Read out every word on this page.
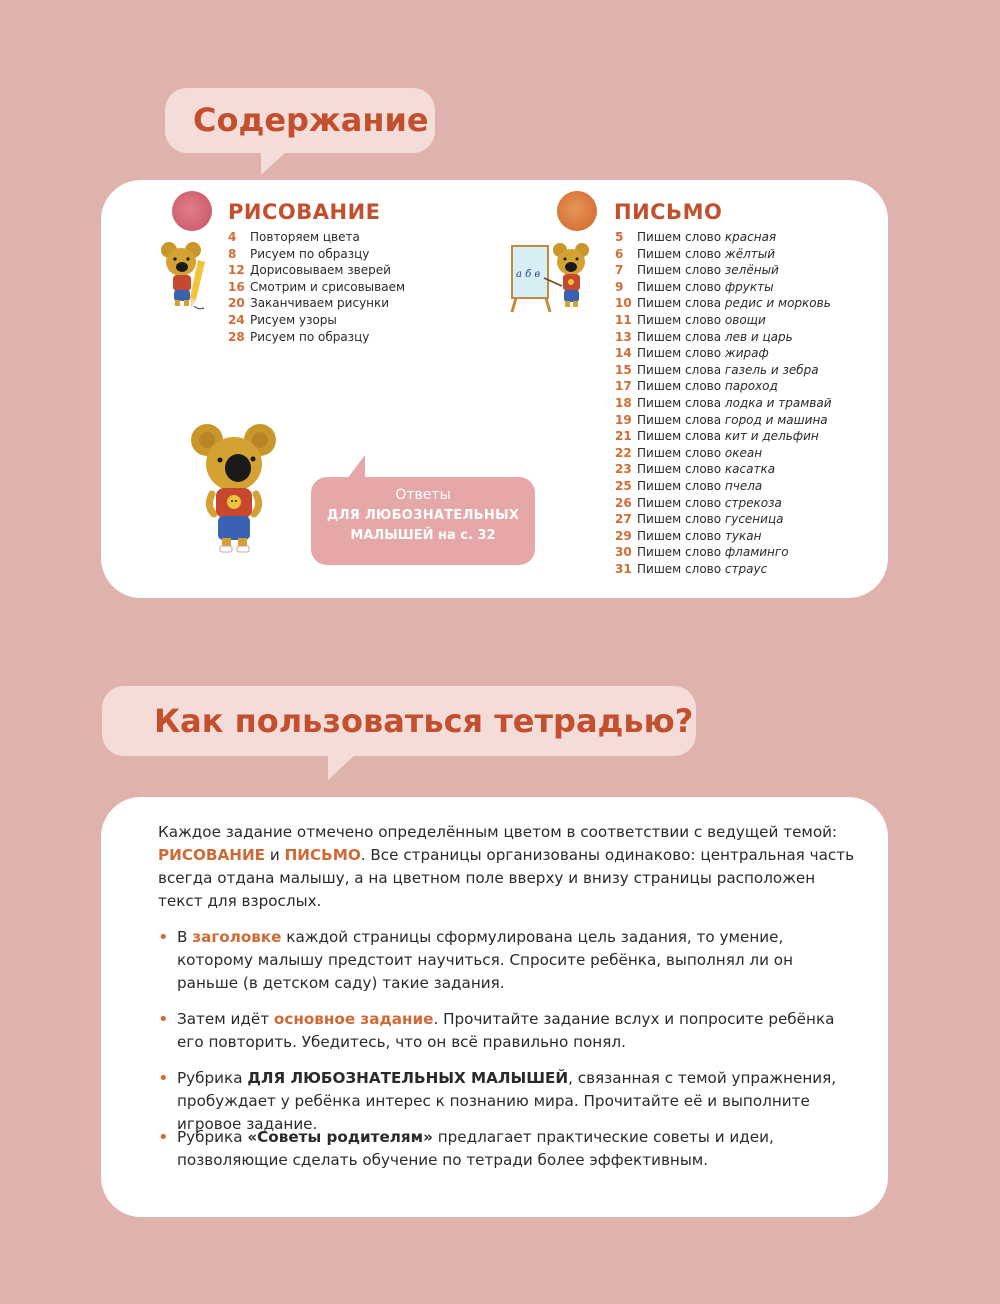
Содержание
РИСОВАНИЕ	ПИСЬМО
4 Повторяем цвета
8 Рисуем по образцу
12 Дорисовываем зверей
16 Смотрим и срисовываем
20 Заканчиваем рисунки
24 Рисуем узоры
28 Рисуем по образцу
5 Пишем слово красная
6 Пишем слово жёлтый
7 Пишем слово зелёный
9 Пишем слово фрукты
10 Пишем слова редис и морковь
11 Пишем слово овощи
13 Пишем слова лев и царь
14 Пишем слово жираф
15 Пишем слова газель и зебра
17 Пишем слово пароход
18 Пишем слова лодка и трамвай
19 Пишем слова город и машина
21 Пишем слова кит и дельфин
22 Пишем слово океан
23 Пишем слово касатка
25 Пишем слово пчела
26 Пишем слово стрекоза
27 Пишем слово гусеница
29 Пишем слово тукан
30 Пишем слово фламинго
31 Пишем слово страус
а б в
Ответы
ДЛЯ ЛЮБОЗНАТЕЛЬНЫХ
МАЛЫШЕЙ на с. 32
Как пользоваться тетрадью?

Каждое задание отмечено определённым цветом в соответствии с ведущей темой: РИСОВАНИЕ и ПИСЬМО. Все страницы организованы одинаково: центральная часть всегда отдана малышу, а на цветном поле вверху и внизу страницы расположен текст для взрослых.

• В заголовке каждой страницы сформулирована цель задания, то умение, которому малышу предстоит научиться. Спросите ребёнка, выполнял ли он раньше (в детском саду) такие задания.

• Затем идёт основное задание. Прочитайте задание вслух и попросите ребёнка его повторить. Убедитесь, что он всё правильно понял.

• Рубрика ДЛЯ ЛЮБОЗНАТЕЛЬНЫХ МАЛЫШЕЙ, связанная с темой упражнения, пробуждает у ребёнка интерес к познанию мира. Прочитайте её и выполните игровое задание.

• Рубрика «Советы родителям» предлагает практические советы и идеи, позволяющие сделать обучение по тетради более эффективным.
